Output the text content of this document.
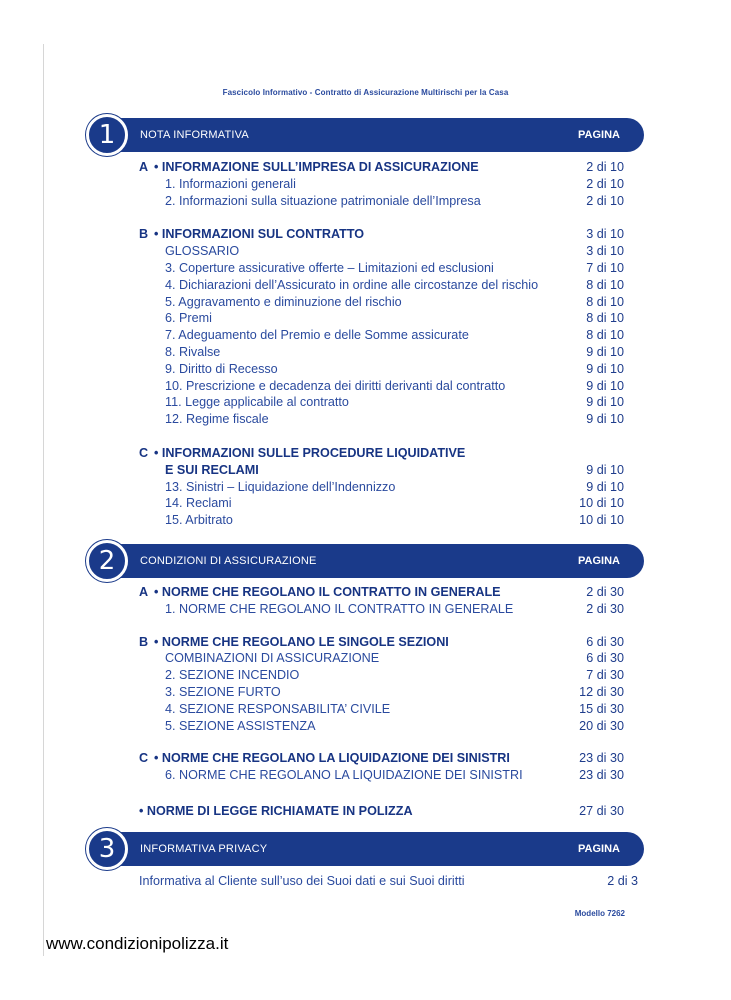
Fascicolo Informativo - Contratto di Assicurazione Multirischi per la Casa
1	NOTA INFORMATIVA	PAGINA
A • INFORMAZIONE SULL’IMPRESA DI ASSICURAZIONE	2 di 10
1. Informazioni generali	2 di 10
2. Informazioni sulla situazione patrimoniale dell’Impresa	2 di 10
B • INFORMAZIONI SUL CONTRATTO	3 di 10
GLOSSARIO	3 di 10
3. Coperture assicurative offerte – Limitazioni ed esclusioni	7 di 10
4. Dichiarazioni dell’Assicurato in ordine alle circostanze del rischio	8 di 10
5. Aggravamento e diminuzione del rischio	8 di 10
6. Premi	8 di 10
7. Adeguamento del Premio e delle Somme assicurate	8 di 10
8. Rivalse	9 di 10
9. Diritto di Recesso	9 di 10
10. Prescrizione e decadenza dei diritti derivanti dal contratto	9 di 10
11. Legge applicabile al contratto	9 di 10
12. Regime fiscale	9 di 10
C • INFORMAZIONI SULLE PROCEDURE LIQUIDATIVE
E SUI RECLAMI	9 di 10
13. Sinistri – Liquidazione dell’Indennizzo	9 di 10
14. Reclami	10 di 10
15. Arbitrato	10 di 10
2	CONDIZIONI DI ASSICURAZIONE	PAGINA
A • NORME CHE REGOLANO IL CONTRATTO IN GENERALE	2 di 30
1. NORME CHE REGOLANO IL CONTRATTO IN GENERALE	2 di 30
B • NORME CHE REGOLANO LE SINGOLE SEZIONI	6 di 30
COMBINAZIONI DI ASSICURAZIONE	6 di 30
2. SEZIONE INCENDIO	7 di 30
3. SEZIONE FURTO	12 di 30
4. SEZIONE RESPONSABILITA’ CIVILE	15 di 30
5. SEZIONE ASSISTENZA	20 di 30
C • NORME CHE REGOLANO LA LIQUIDAZIONE DEI SINISTRI	23 di 30
6. NORME CHE REGOLANO LA LIQUIDAZIONE DEI SINISTRI	23 di 30
• NORME DI LEGGE RICHIAMATE IN POLIZZA	27 di 30
3	INFORMATIVA PRIVACY	PAGINA
Informativa al Cliente sull’uso dei Suoi dati e sui Suoi diritti	2 di 3
Modello 7262
www.condizionipolizza.it
